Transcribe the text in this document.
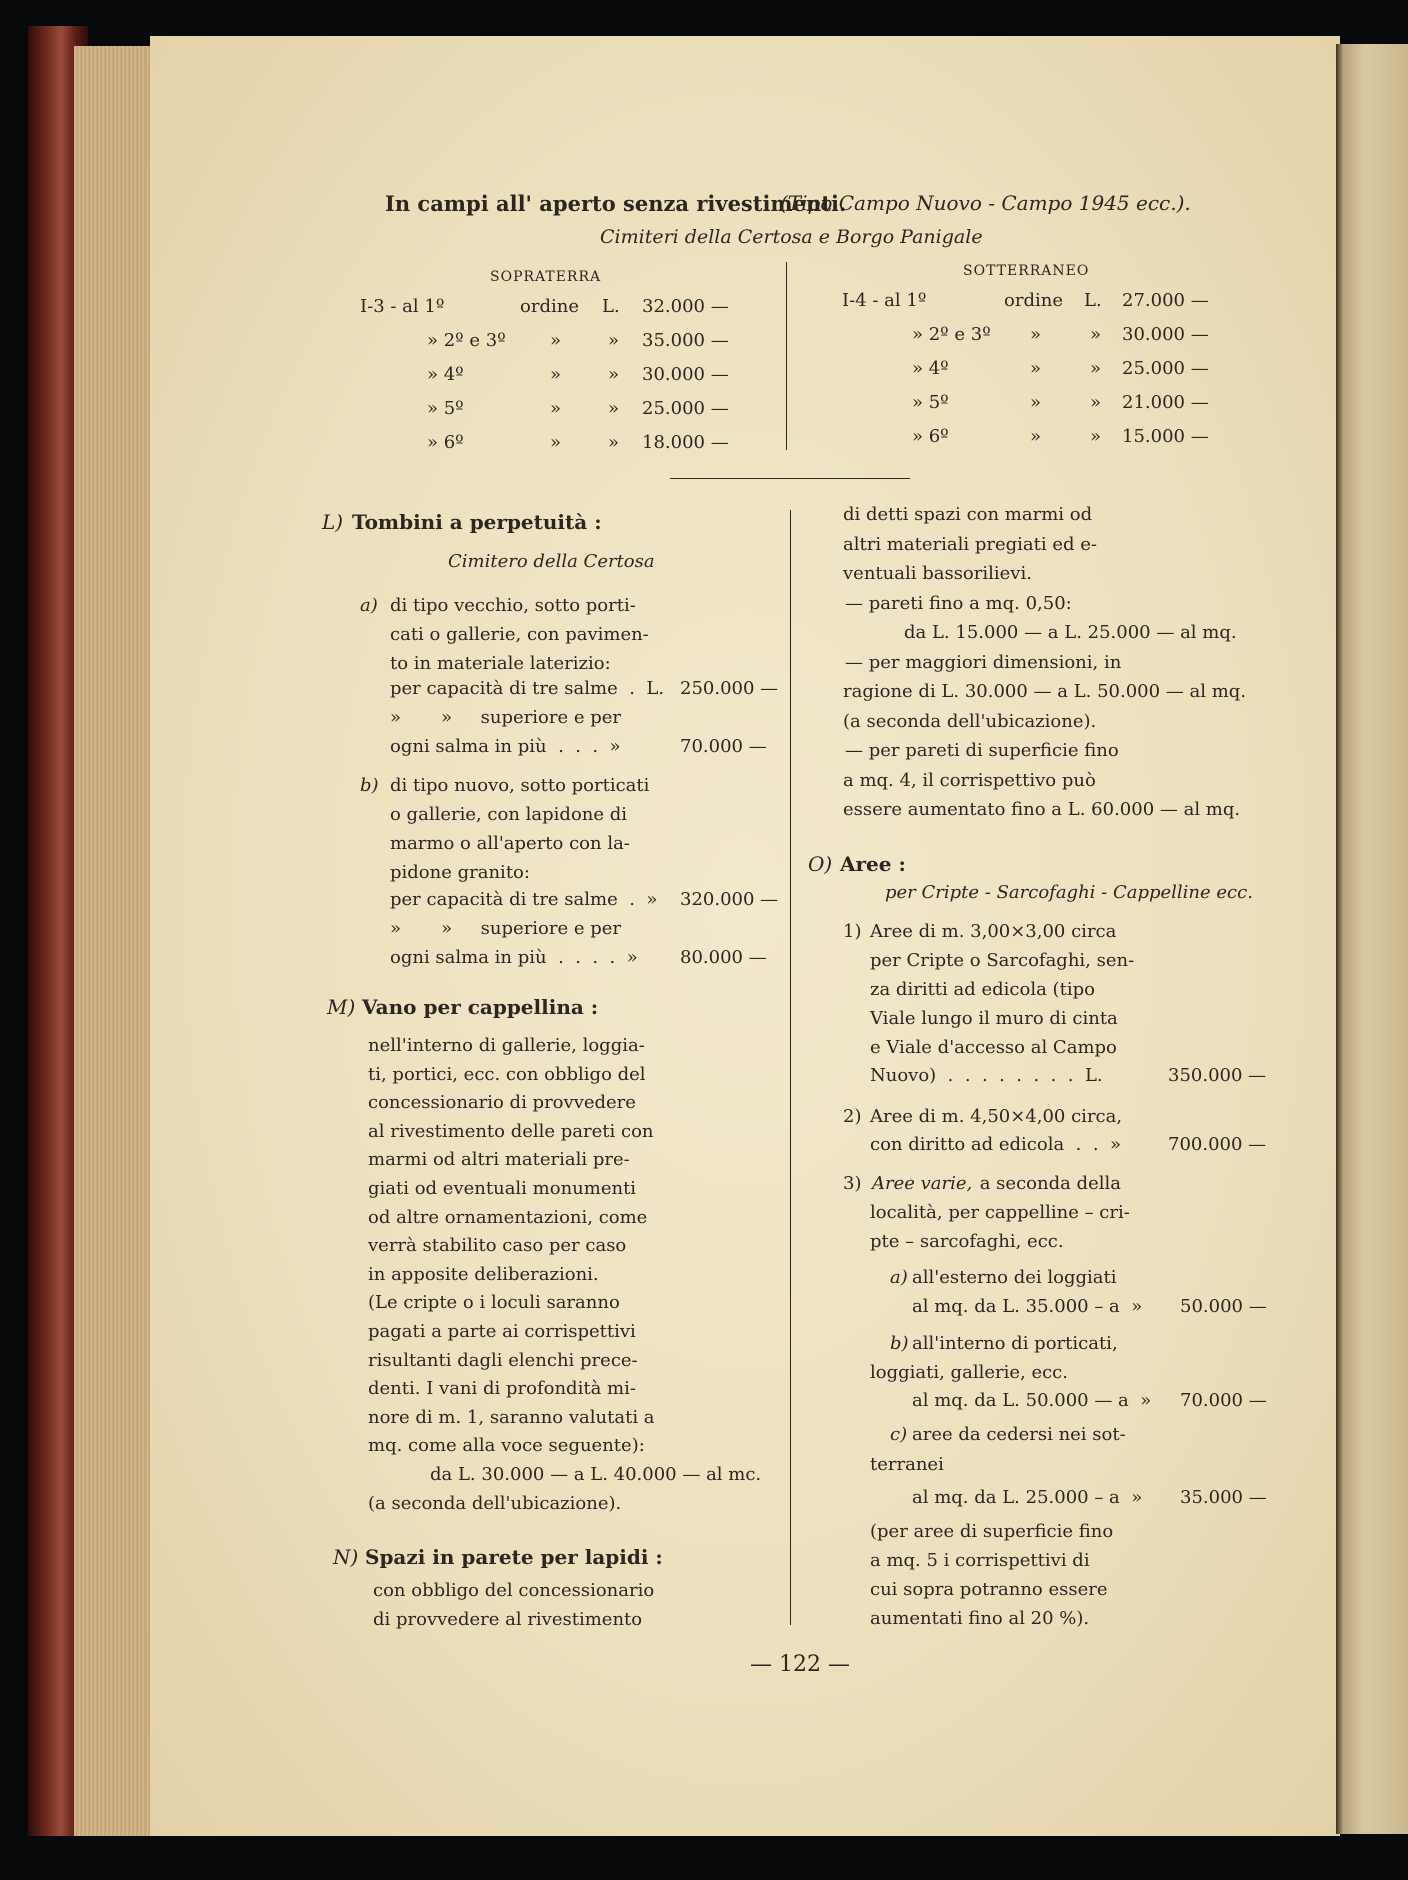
In campi all' aperto senza rivestimenti.
(Tipo Campo Nuovo - Campo 1945 ecc.).
Cimiteri della Certosa e Borgo Panigale
SOPRATERRA	SOTTERRANEO
I-3 - al 1º	ordine L. 32.000 —
» 2º e 3º »	» 35.000 —
» 4º	»	» 30.000 —
» 5º	»	» 25.000 —
» 6º	»	» 18.000 —
I-4 - al 1º	ordine L. 27.000 —
» 2º e 3º »	» 30.000 —
» 4º	»	» 25.000 —
» 5º	»	» 21.000 —
» 6º	»	» 15.000 —
L) Tombini a perpetuità :
Cimitero della Certosa
a) di tipo vecchio, sotto porti-
cati o gallerie, con pavimen-
to in materiale laterizio:
per capacità di tre salme  .  L. 250.000 —
»       »     superiore e per
ogni salma in più  .  .  .  »	70.000 —
b) di tipo nuovo, sotto porticati
o gallerie, con lapidone di
marmo o all'aperto con la-
pidone granito:
per capacità di tre salme  .  » 320.000 —
»       »     superiore e per
ogni salma in più  .  .  .  .  » 80.000 —
M) Vano per cappellina :
nell'interno di gallerie, loggia-
ti, portici, ecc. con obbligo del
concessionario di provvedere
al rivestimento delle pareti con
marmi od altri materiali pre-
giati od eventuali monumenti
od altre ornamentazioni, come
verrà stabilito caso per caso
in apposite deliberazioni.
(Le cripte o i loculi saranno
pagati a parte ai corrispettivi
risultanti dagli elenchi prece-
denti. I vani di profondità mi-
nore di m. 1, saranno valutati a
mq. come alla voce seguente):
da L. 30.000 — a L. 40.000 — al mc.
(a seconda dell'ubicazione).
N) Spazi in parete per lapidi :
con obbligo del concessionario
di provvedere al rivestimento
di detti spazi con marmi od
altri materiali pregiati ed e-
ventuali bassorilievi.
— pareti fino a mq. 0,50:
da L. 15.000 — a L. 25.000 — al mq.
— per maggiori dimensioni, in
ragione di L. 30.000 — a L. 50.000 — al mq.
(a seconda dell'ubicazione).
— per pareti di superficie fino
a mq. 4, il corrispettivo può
essere aumentato fino a L. 60.000 — al mq.
O) Aree :
per Cripte - Sarcofaghi - Cappelline ecc.
1) Aree di m. 3,00×3,00 circa
per Cripte o Sarcofaghi, sen-
za diritti ad edicola (tipo
Viale lungo il muro di cinta
e Viale d'accesso al Campo
Nuovo)  .  .  .  .  .  .  .  .  L.	350.000 —
2) Aree di m. 4,50×4,00 circa,
con diritto ad edicola  .  .  »	700.000 —
3) Aree varie, a seconda della
località, per cappelline – cri-
pte – sarcofaghi, ecc.
a) all'esterno dei loggiati
al mq. da L. 35.000 – a  » 50.000 —
b) all'interno di porticati,
loggiati, gallerie, ecc.
al mq. da L. 50.000 — a  » 70.000 —
c) aree da cedersi nei sot-
terranei
al mq. da L. 25.000 – a  » 35.000 —
(per aree di superficie fino
a mq. 5 i corrispettivi di
cui sopra potranno essere
aumentati fino al 20 %).
— 122 —
